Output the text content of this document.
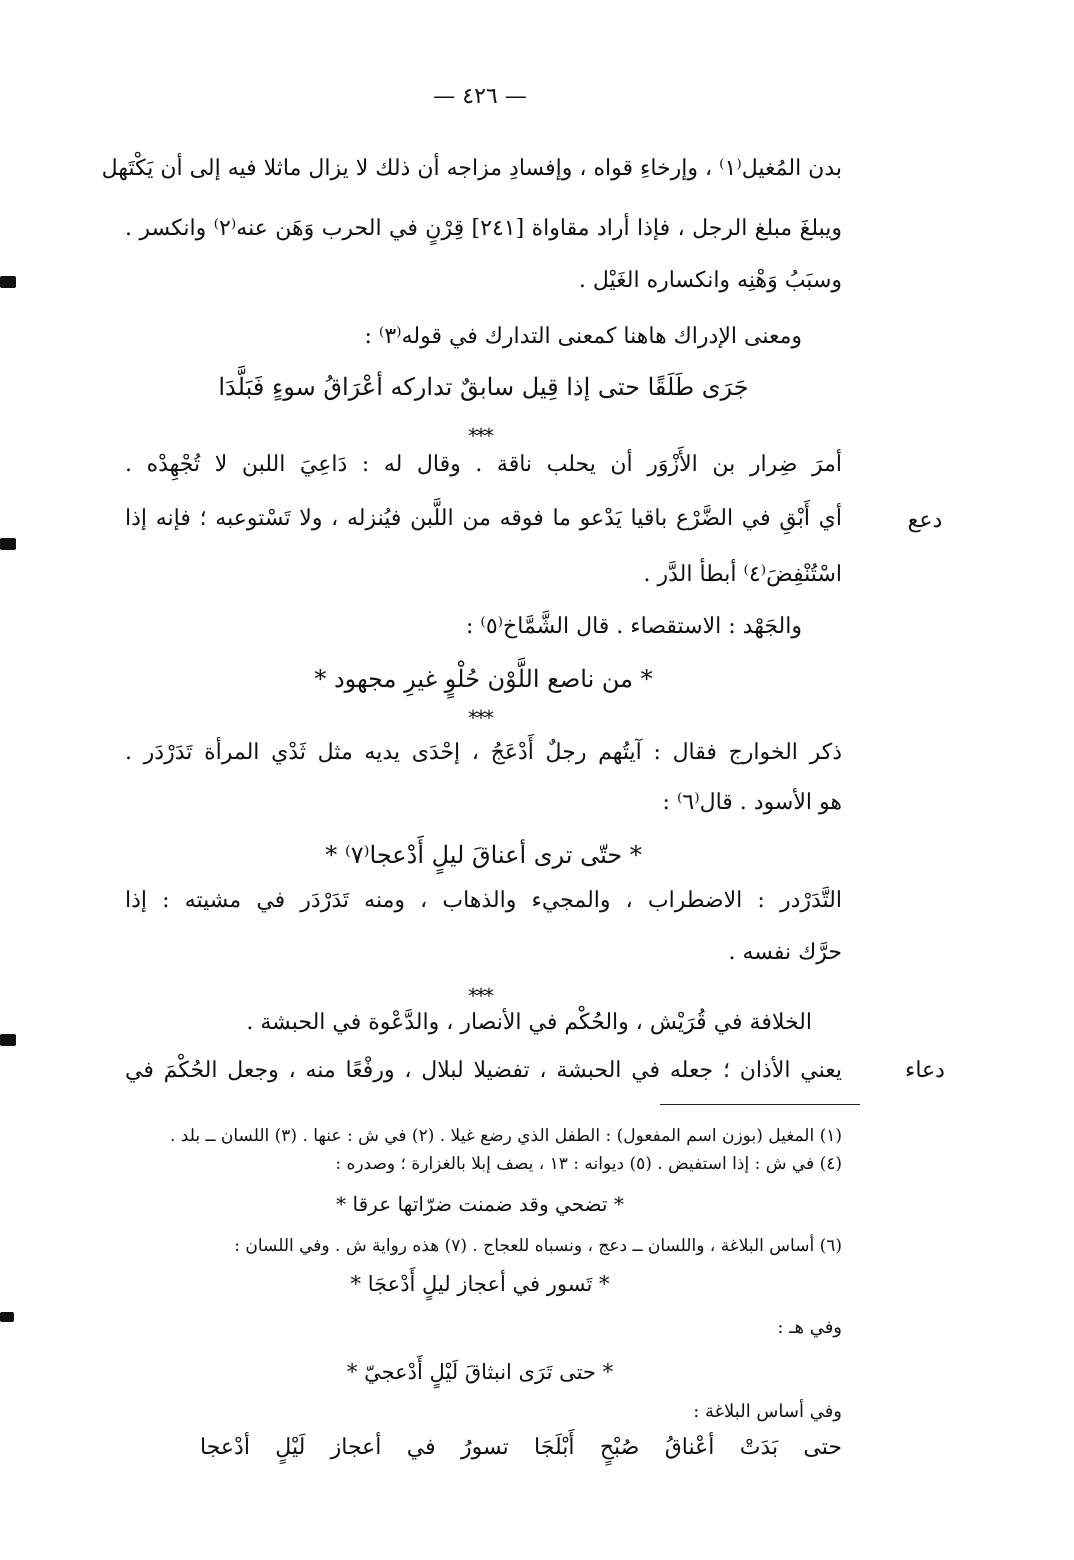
— ٤٢٦ —
بدن المُغيل⁽١⁾ ، وإرخاءِ قواه ، وإفسادِ مزاجه أن ذلك لا يزال ماثلا فيه إلى أن يَكْتَهل
ويبلغَ مبلغ الرجل ، فإذا أراد مقاواة [٢٤١] قِرْنٍ في الحرب وَهَن عنه⁽٢⁾ وانكسر .
وسبَبُ وَهْنِه وانكساره الغَيْل .
ومعنى الإدراك هاهنا كمعنى التدارك في قوله⁽٣⁾ :
جَرَى طَلَقًا حتى إذا قِيل سابقٌ تداركه أعْرَاقُ سوءٍ فَبَلَّدَا
***
أمرَ ضِرار بن الأَزْوَر أن يحلب ناقة . وقال له : دَاعِيَ اللبن لا تُجْهِدْه .
دعع
أي أَبْقِ في الضَّرْع باقيا يَدْعو ما فوقه من اللَّبن فيُنزله ، ولا تَسْتوعبه ؛ فإنه إذا
اسْتُنْفِضَ⁽٤⁾ أبطأ الدَّر .
والجَهْد : الاستقصاء . قال الشَّمَّاخ⁽٥⁾ :
* من ناصع اللَّوْن حُلْوٍ غيرِ مجهود *
***
ذكر الخوارج فقال : آيتُهم رجلٌ أَدْعَجُ ، إحْدَى يديه مثل ثَدْي المرأة تَدَرْدَر .
هو الأسود . قال⁽٦⁾ :
* حتّى ترى أعناقَ ليلٍ أَدْعجا⁽٧⁾ *
التَّدَرْدر : الاضطراب ، والمجيء والذهاب ، ومنه تَدَرْدَر في مشيته : إذا
حرَّك نفسه .
***
الخلافة في قُرَيْش ، والحُكْم في الأنصار ، والدَّعْوة في الحبشة .
دعاء
يعني الأذان ؛ جعله في الحبشة ، تفضيلا لبلال ، ورفْعًا منه ، وجعل الحُكْمَ في
(١) المغيل (بوزن اسم المفعول) : الطفل الذي رضع غيلا . (٢) في ش : عنها . (٣) اللسان ــ بلد .
(٤) في ش : إذا استفيض . (٥) ديوانه : ١٣ ، يصف إبلا بالغزارة ؛ وصدره :
* تضحي وقد ضمنت ضرّاتها عرقا *
(٦) أساس البلاغة ، واللسان ــ دعج ، ونسباه للعجاج . (٧) هذه رواية ش . وفي اللسان :
* تَسور في أعجاز ليلٍ أَدْعجَا *
وفي هـ :
* حتى تَرَى انبثاقَ لَيْلٍ أَدْعجيّ *
وفي أساس البلاغة :
حتى بَدَتْ أعْناقُ صُبْحٍ أَبْلَجَا تسورُ في أعجاز لَيْلٍ أدْعجا
